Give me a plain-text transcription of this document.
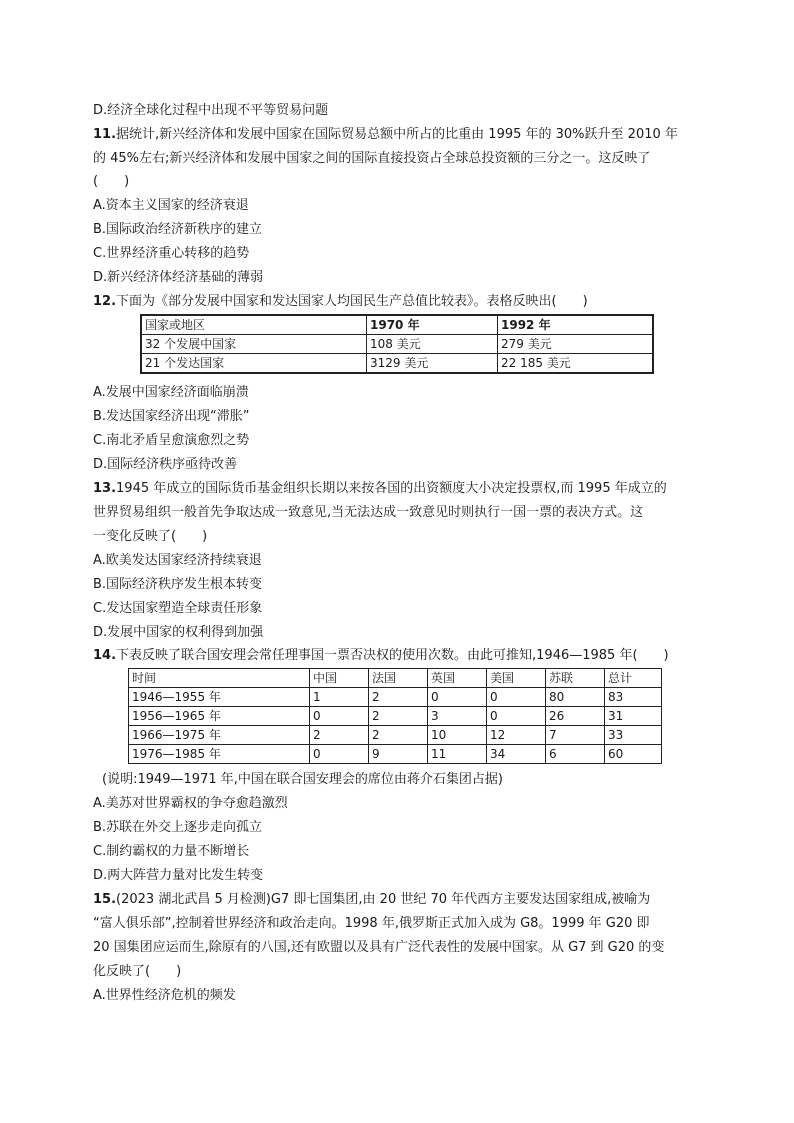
D.经济全球化过程中出现不平等贸易问题
11.据统计,新兴经济体和发展中国家在国际贸易总额中所占的比重由 1995 年的 30%跃升至 2010 年
的 45%左右;新兴经济体和发展中国家之间的国际直接投资占全球总投资额的三分之一。这反映了
(　　)
A.资本主义国家的经济衰退
B.国际政治经济新秩序的建立
C.世界经济重心转移的趋势
D.新兴经济体经济基础的薄弱
12.下面为《部分发展中国家和发达国家人均国民生产总值比较表》。表格反映出(　　)
国家或地区	1970 年	1992 年
32 个发展中国家	108 美元	279 美元
21 个发达国家	3129 美元	22 185 美元
A.发展中国家经济面临崩溃
B.发达国家经济出现“滞胀”
C.南北矛盾呈愈演愈烈之势
D.国际经济秩序亟待改善
13.1945 年成立的国际货币基金组织长期以来按各国的出资额度大小决定投票权,而 1995 年成立的
世界贸易组织一般首先争取达成一致意见,当无法达成一致意见时则执行一国一票的表决方式。这
一变化反映了(　　)
A.欧美发达国家经济持续衰退
B.国际经济秩序发生根本转变
C.发达国家塑造全球责任形象
D.发展中国家的权利得到加强
14.下表反映了联合国安理会常任理事国一票否决权的使用次数。由此可推知,1946—1985 年(　　)
时间	中国	法国	英国	美国	苏联	总计
1946—1955 年	1	2	0	0	80	83
1956—1965 年	0	2	3	0	26	31
1966—1975 年	2	2	10	12	7	33
1976—1985 年	0	9	11	34	6	60
(说明:1949—1971 年,中国在联合国安理会的席位由蒋介石集团占据)
A.美苏对世界霸权的争夺愈趋激烈
B.苏联在外交上逐步走向孤立
C.制约霸权的力量不断增长
D.两大阵营力量对比发生转变
15.(2023 湖北武昌 5 月检测)G7 即七国集团,由 20 世纪 70 年代西方主要发达国家组成,被喻为
“富人俱乐部”,控制着世界经济和政治走向。1998 年,俄罗斯正式加入成为 G8。1999 年 G20 即
20 国集团应运而生,除原有的八国,还有欧盟以及具有广泛代表性的发展中国家。从 G7 到 G20 的变
化反映了(　　)
A.世界性经济危机的频发
